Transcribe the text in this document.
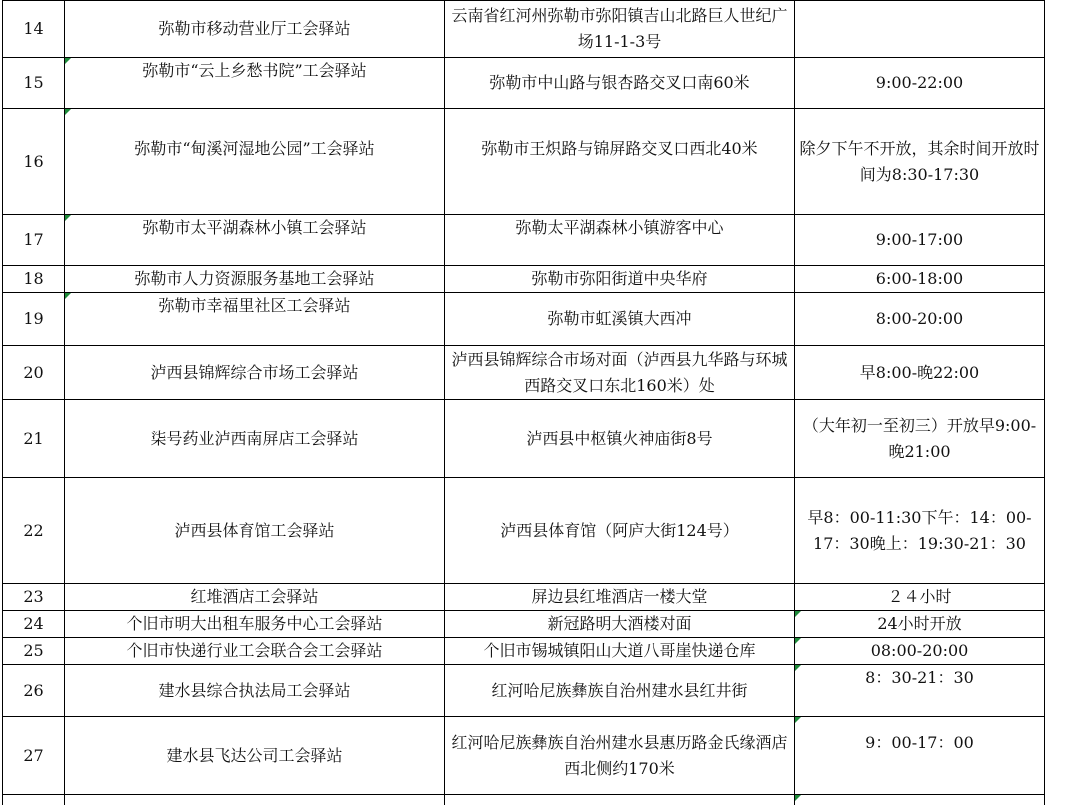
14	弥勒市移动营业厅工会驿站	云南省红河州弥勒市弥阳镇吉山北路巨人世纪广场11-1-3号	
15	弥勒市“云上乡愁书院”工会驿站	弥勒市中山路与银杏路交叉口南60米	9:00-22:00
16	弥勒市“甸溪河湿地公园”工会驿站	弥勒市王炽路与锦屏路交叉口西北40米	除夕下午不开放，其余时间开放时间为8:30-17:30
17	弥勒市太平湖森林小镇工会驿站	弥勒太平湖森林小镇游客中心	9:00-17:00
18	弥勒市人力资源服务基地工会驿站	弥勒市弥阳街道中央华府	6:00-18:00
19	弥勒市幸福里社区工会驿站	弥勒市虹溪镇大西冲	8:00-20:00
20	泸西县锦辉综合市场工会驿站	泸西县锦辉综合市场对面（泸西县九华路与环城西路交叉口东北160米）处	早8:00-晚22:00
21	柒号药业泸西南屏店工会驿站	泸西县中枢镇火神庙街8号	（大年初一至初三）开放早9:00-晚21:00
22	泸西县体育馆工会驿站	泸西县体育馆（阿庐大街124号）	早8：00-11:30下午：14：00-17：30晚上：19:30-21：30
23	红堆酒店工会驿站	屏边县红堆酒店一楼大堂	２４小时
24	个旧市明大出租车服务中心工会驿站	新冠路明大酒楼对面	24小时开放
25	个旧市快递行业工会联合会工会驿站	个旧市锡城镇阳山大道八哥崖快递仓库	08:00-20:00
26	建水县综合执法局工会驿站	红河哈尼族彝族自治州建水县红井街	8：30-21：30
27	建水县飞达公司工会驿站	红河哈尼族彝族自治州建水县惠历路金氏缘酒店西北侧约170米	9：00-17：00
